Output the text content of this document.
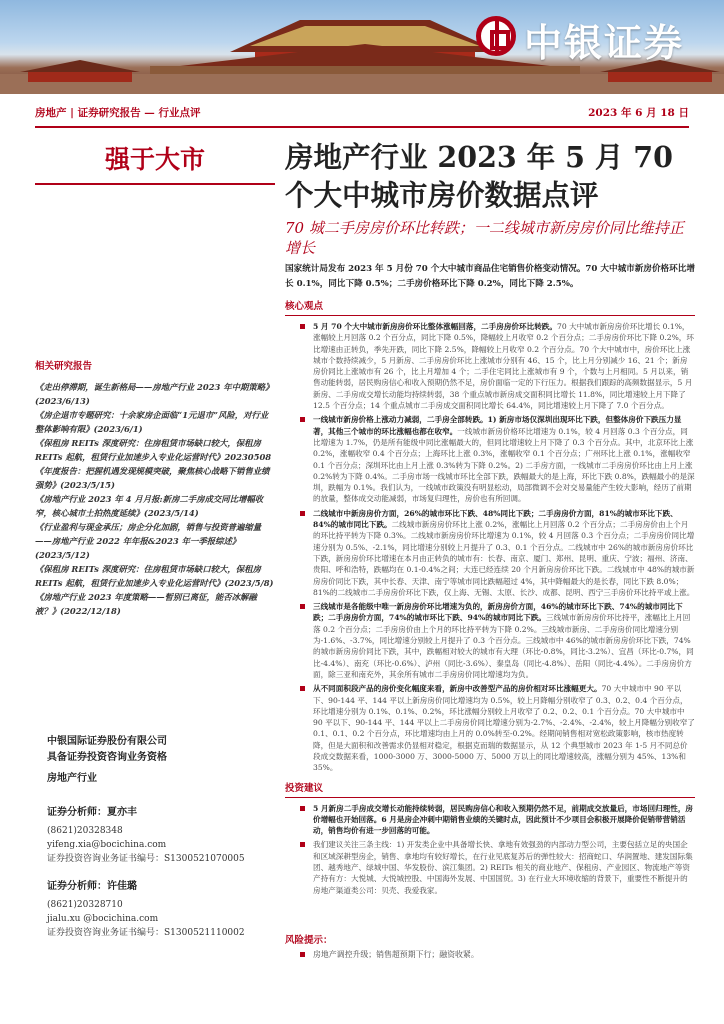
中银证券
房地产 | 证券研究报告 — 行业点评	2023 年 6 月 18 日
强于大市
相关研究报告
《走出停滞期，诞生新格局——房地产行业 2023 年中期策略》(2023/6/13)
《房企退市专题研究：十余家房企面临“1元退市”风险，对行业整体影响有限》(2023/6/1)
《保租房 REITs 深度研究：住房租赁市场缺口较大，保租房 REITs 起航，租赁行业加速步入专业化运营时代》20230508
《年度报告：把握机遇发现规模突破，聚焦核心战略下销售业绩强势》(2023/5/15)
《房地产行业 2023 年 4 月月报:新房二手房成交同比增幅收窄，核心城市土拍热度延续》(2023/5/14)
《行业盈利与现金承压；房企分化加剧，销售与投资普遍缩量——房地产行业 2022 年年报&2023 年一季报综述》(2023/5/12)
《保租房 REITs 深度研究：住房租赁市场缺口较大，保租房 REITs 起航，租赁行业加速步入专业化运营时代》(2023/5/8)
《房地产行业 2023 年度策略——暂别已离征，能否冰解融液？》(2022/12/18)
中银国际证券股份有限公司
具备证券投资咨询业务资格
房地产行业
证券分析师：夏亦丰
(8621)20328348
yifeng.xia@bocichina.com
证券投资咨询业务证书编号：S1300521070005
证券分析师：许佳璐
(8621)20328710
jialu.xu @bocichina.com
证券投资咨询业务证书编号：S1300521110002
房地产行业 2023 年 5 月 70 个大中城市房价数据点评
70 城二手房房价环比转跌；一二线城市新房房价同比维持正增长
国家统计局发布 2023 年 5 月份 70 个大中城市商品住宅销售价格变动情况。70 大中城市新房价格环比增长 0.1%，同比下降 0.5%；二手房价格环比下降 0.2%，同比下降 2.5%。
核心观点
5 月 70 个大中城市新房房价环比整体涨幅回落，二手房房价环比转跌。70 大中城市新房房价环比增长 0.1%，涨幅较上月回落 0.2 个百分点，同比下降 0.5%，降幅较上月收窄 0.2 个百分点；二手房房价环比下降 0.2%，环比增速由正转负，季先开跌，同比下降 2.5%，降幅较上月收窄 0.2 个百分点。70 个大中城市中，房价环比上涨城市个数持续减少，5 月新房、二手房房价环比上涨城市分别有 46、15 个，比上月分别减少 16、21 个；新房房价同比上涨城市有 26 个，比上月增加 4 个；二手住宅同比上涨城市有 9 个，个数与上月相同。5 月以来，销售动能转弱，居民购房信心和收入预期仍然不足，房价面临一定的下行压力。根据我们跟踪的高频数据显示，5 月新房、二手房成交增长动能均持续转弱，38 个重点城市新房成交面积同比增长 11.8%，同比增速较上月下降了 12.5 个百分点；14 个重点城市二手房成交面积同比增长 64.4%，同比增速较上月下降了 7.0 个百分点。
一线城市新房价格上涨动力减弱，二手房全部转跌。1) 新房市场仅深圳出现环比下跌，但整体房价下跌压力显著，其他三个城市的环比涨幅也都在收窄。一线城市新房价格环比增速为 0.1%，较 4 月回落 0.3 个百分点，同比增速为 1.7%，仍是所有能级中同比涨幅最大的，但同比增速较上月下降了 0.3 个百分点。其中，北京环比上涨 0.2%，涨幅收窄 0.4 个百分点；上海环比上涨 0.3%，涨幅收窄 0.1 个百分点；广州环比上涨 0.1%，涨幅收窄 0.1 个百分点；深圳环比由上月上涨 0.3%转为下降 0.2%。2) 二手房方面，一线城市二手房房价环比由上月上涨 0.2%转为下降 0.4%。二手房市场一线城市环比全部下跌，跌幅最大的是上海，环比下跌 0.8%，跌幅最小的是深圳，跌幅为 0.1%。我们认为，一线城市政策没有明显松动，局部微调不会对交易量能产生较大影响，经历了前期的放量，整体成交动能减弱，市场复归理性，房价也有所回调。
二线城市中新房房价方面，26%的城市环比下跌、48%同比下跌；二手房房价方面，81%的城市环比下跌、84%的城市同比下跌。二线城市新房房价环比上涨 0.2%，涨幅比上月回落 0.2 个百分点；二手房房价由上个月的环比持平转为下降 0.3%。二线城市新房房价环比增速为 0.1%，较 4 月回落 0.3 个百分点；二手房房价同比增速分别为 0.5%、-2.1%，同比增速分别较上月提升了 0.3、0.1 个百分点。二线城市中 26%的城市新房房价环比下跌，新房房价环比增速在本月由正转负的城市有：长春、南京、厦门、郑州、昆明、重庆、宁波；福州、济南、贵阳、呼和浩特，跌幅均在 0.1-0.4%之间；大连已经连续 20 个月新房房价环比下跌。二线城市中 48%的城市新房房价同比下跌，其中长春、天津、南宁等城市同比跌幅超过 4%，其中降幅最大的是长春，同比下跌 8.0%；81%的二线城市二手房房价环比下跌，仅上海、无锡、太原、长沙、成都、昆明、西宁三手房价环比持平或上涨。
三线城市是各能级中唯一新房房价环比增速为负的，新房房价方面，46%的城市环比下跌、74%的城市同比下跌；二手房房价方面，74%的城市环比下跌、94%的城市同比下跌。三线城市新房房价环比持平，涨幅比上月回落 0.2 个百分点；二手房房价由上个月的环比持平转为下降 0.2%。三线城市新房、二手房房价同比增速分别为-1.6%、-3.7%，同比增速分别较上月提升了 0.3 个百分点。三线城市中 46%的城市新房房价环比下跌，74%的城市新房房价同比下跌，其中，跌幅相对较大的城市有大理（环比-0.8%，同比-3.2%）、宜昌（环比-0.7%，同比-4.4%）、南充（环比-0.6%）、泸州（同比-3.6%）、秦皇岛（同比-4.8%）、岳阳（同比-4.4%）。二手房房价方面，除三亚和南充外，其余所有城市二手房房价同比增速均为负。
从不同面积段产品的房价变化幅度来看，新房中改善型产品的房价相对环比涨幅更大。70 大中城市中 90 平以下、90-144 平、144 平以上新房房价同比增速均为 0.5%，较上月降幅分别收窄了 0.3、0.2、0.4 个百分点，环比增速分别为 0.1%、0.1%、0.2%，环比涨幅分别较上月收窄了 0.2、0.2、0.1 个百分点。70 大中城市中 90 平以下、90-144 平、144 平以上二手房房价同比增速分别为-2.7%、-2.4%、-2.4%，较上月降幅分别收窄了 0.1、0.1、0.2 个百分点，环比增速均由上月的 0.0%转至-0.2%。经期间销售相对宽松政策影响，核市热度转降，但是大面积和改善需求仍显相对稳定，根据克而瑞的数据显示，从 12 个典型城市 2023 年 1-5 月不同总价段成交数据来看，1000-3000 万、3000-5000 万、5000 万以上的同比增速较高，涨幅分别为 45%、13%和 35%。
投资建议
5 月新房二手房成交增长动能持续转弱，居民购房信心和收入预期仍然不足，前期成交放量后，市场回归理性，房价增幅也开始回落。6 月是房企冲刺中期销售业绩的关键时点，因此预计不少项目会积极开展降价促销带营销活动，销售均价有进一步回落的可能。
我们建议关注三条主线：1) 开发类企业中具备增长快、拿地有效强劲的内部动力型公司，主要包括立足的央国企和区域深耕型房企，销售、拿地均有较好增长，在行业见底复苏后的弹性较大：招商蛇口、华润置地、建发国际集团、越秀地产、绿城中国、华发股份、滨江集团。2) REITs 相关的商业地产、保租房、产业园区、物流地产等资产持有方：大悦城、大悦城控股、中国海外发展、中国国贸。3) 在行业大环境收缩的背景下，重要性不断提升的房地产渠道类公司：贝壳、我爱我家。
风险提示：
房地产调控升级；销售超预期下行；融资收紧。
